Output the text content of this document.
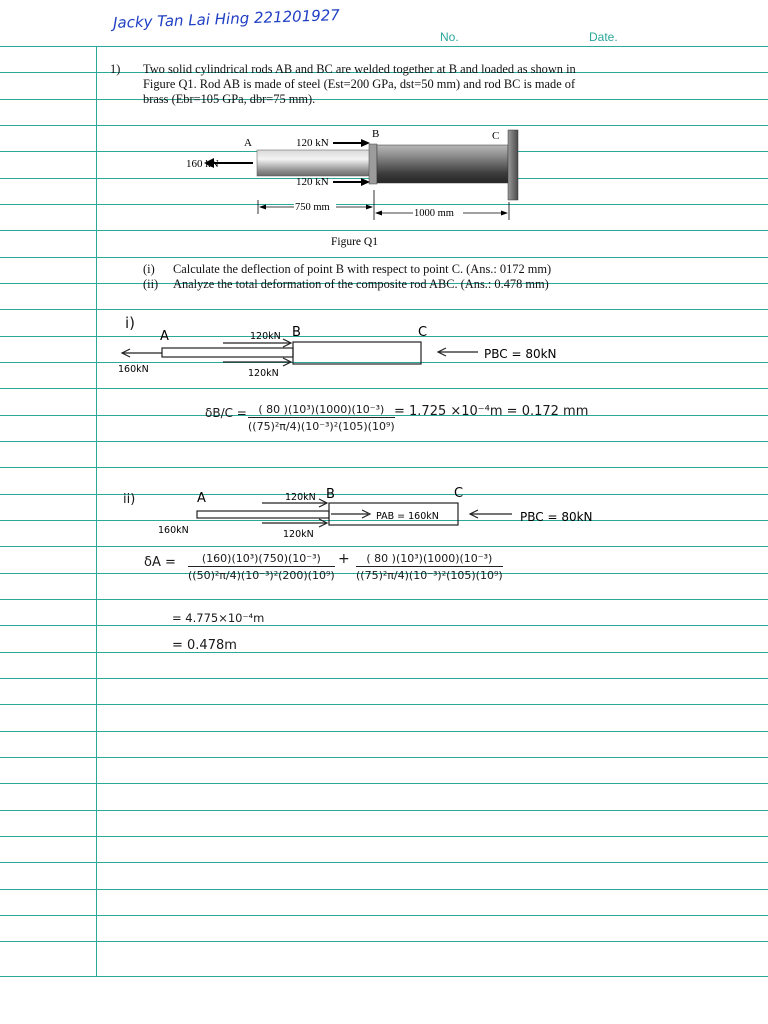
Jacky Tan Lai Hing 221201927
No.	Date.
1) Two solid cylindrical rods AB and BC are welded together at B and loaded as shown in
Figure Q1. Rod AB is made of steel (Est=200 GPa, dst=50 mm) and rod BC is made of
brass (Ebr=105 GPa, dbr=75 mm).
A
B	C
160 kN
120 kN
120 kN
750 mm
1000 mm
Figure Q1
(i) Calculate the deflection of point B with respect to point C. (Ans.: 0172 mm)
(ii) Analyze the total deformation of the composite rod ABC. (Ans.: 0.478 mm)
i)
A	B	C
160kN
120kN
120kN
PBC = 80kN
$\delta B/C = \frac{\text{( 80 )(10³)(1000)(10⁻³)}}{\text{((75)²π/4)(10⁻³)²(105)(10⁹)}} = 1.725 \times 10^{-4}m = 0.172$ mm
ii)	A	B	C
160kN
120kN
120kN
PAB = 160kN	PBC = 80kN
$\delta A = \frac{\text{(160)(10³)(750)(10⁻³)}}{\text{((50)²π/4)(10⁻³)²(200)(10⁹)}} + \frac{\text{( 80 )(10³)(1000)(10⁻³)}}{\text{((75)²π/4)(10⁻³)²(105)(10⁹)}}$
= 4.775×10⁻⁴m
= 0.478m
